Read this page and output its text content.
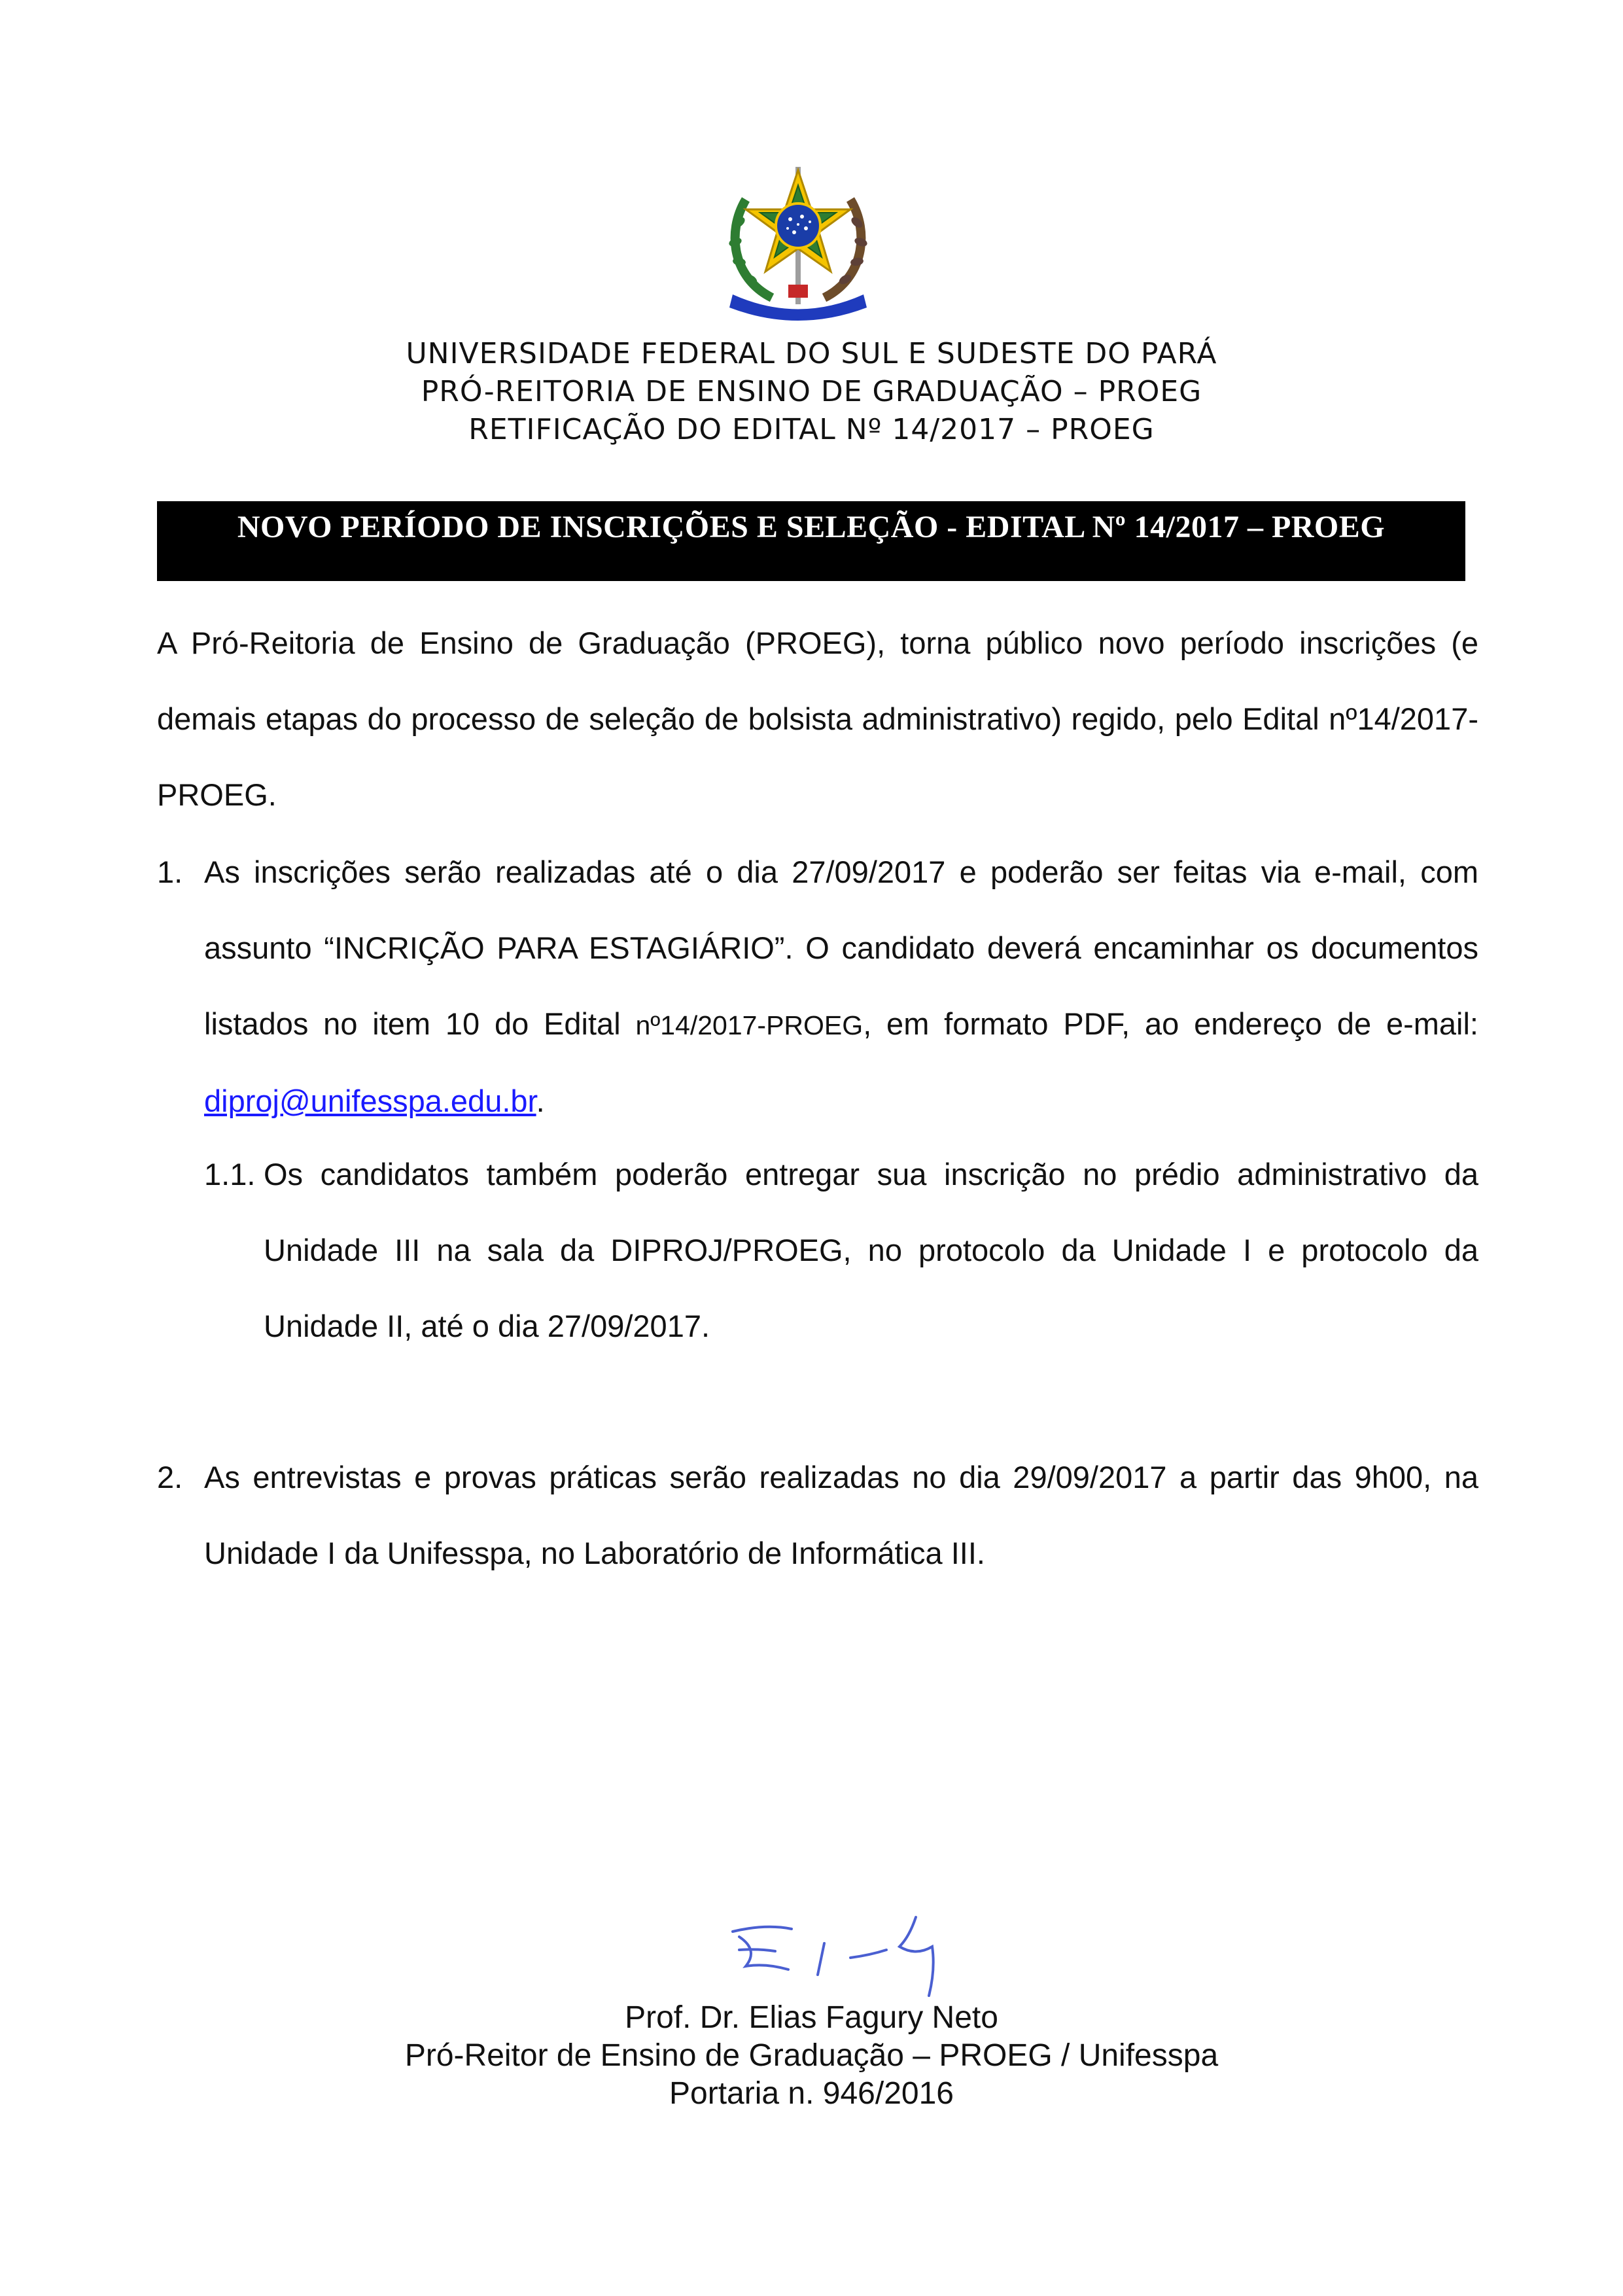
UNIVERSIDADE FEDERAL DO SUL E SUDESTE DO PARÁ
PRÓ-REITORIA DE ENSINO DE GRADUAÇÃO – PROEG
RETIFICAÇÃO DO EDITAL Nº 14/2017 – PROEG
NOVO PERÍODO DE INSCRIÇÕES E SELEÇÃO - EDITAL Nº 14/2017 – PROEG
A Pró-Reitoria de Ensino de Graduação (PROEG), torna público novo período inscrições (e demais etapas do processo de seleção de bolsista administrativo) regido, pelo Edital nº14/2017-PROEG.
1. As inscrições serão realizadas até o dia 27/09/2017 e poderão ser feitas via e-mail, com assunto “INCRIÇÃO PARA ESTAGIÁRIO”. O candidato deverá encaminhar os documentos listados no item 10 do Edital nº14/2017-PROEG, em formato PDF, ao endereço de e-mail: diproj@unifesspa.edu.br.
1.1. Os candidatos também poderão entregar sua inscrição no prédio administrativo da Unidade III na sala da DIPROJ/PROEG, no protocolo da Unidade I e protocolo da Unidade II, até o dia 27/09/2017.
2. As entrevistas e provas práticas serão realizadas no dia 29/09/2017 a partir das 9h00, na Unidade I da Unifesspa, no Laboratório de Informática III.
Prof. Dr. Elias Fagury Neto
Pró-Reitor de Ensino de Graduação – PROEG / Unifesspa
Portaria n. 946/2016
